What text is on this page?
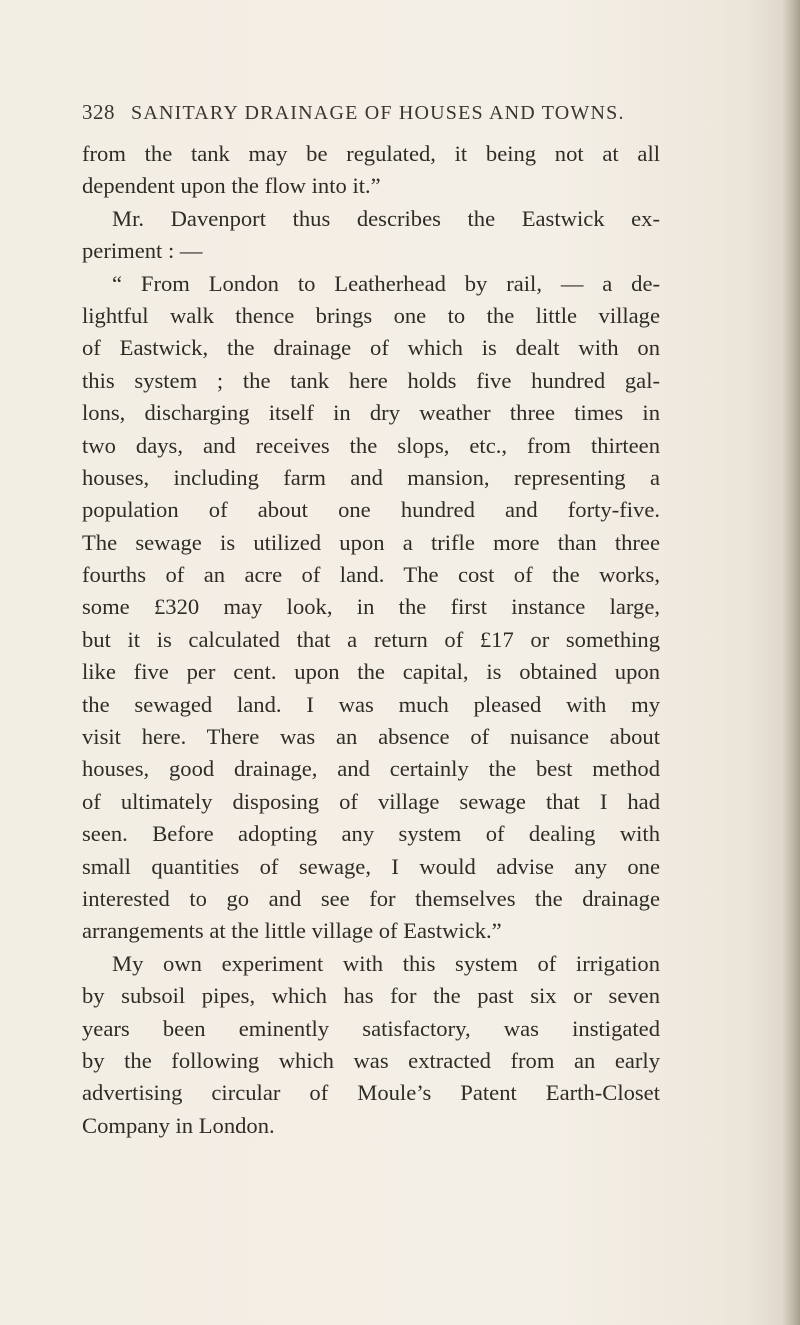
328 SANITARY DRAINAGE OF HOUSES AND TOWNS.
from the tank may be regulated, it being not at all
dependent upon the flow into it.”
Mr. Davenport thus describes the Eastwick ex-
periment : —
“ From London to Leatherhead by rail, — a de-
lightful walk thence brings one to the little village
of Eastwick, the drainage of which is dealt with on
this system ; the tank here holds five hundred gal-
lons, discharging itself in dry weather three times in
two days, and receives the slops, etc., from thirteen
houses, including farm and mansion, representing a
population of about one hundred and forty-five.
The sewage is utilized upon a trifle more than three
fourths of an acre of land. The cost of the works,
some £320 may look, in the first instance large,
but it is calculated that a return of £17 or something
like five per cent. upon the capital, is obtained upon
the sewaged land. I was much pleased with my
visit here. There was an absence of nuisance about
houses, good drainage, and certainly the best method
of ultimately disposing of village sewage that I had
seen. Before adopting any system of dealing with
small quantities of sewage, I would advise any one
interested to go and see for themselves the drainage
arrangements at the little village of Eastwick.”
My own experiment with this system of irrigation
by subsoil pipes, which has for the past six or seven
years been eminently satisfactory, was instigated
by the following which was extracted from an early
advertising circular of Moule’s Patent Earth-Closet
Company in London.
